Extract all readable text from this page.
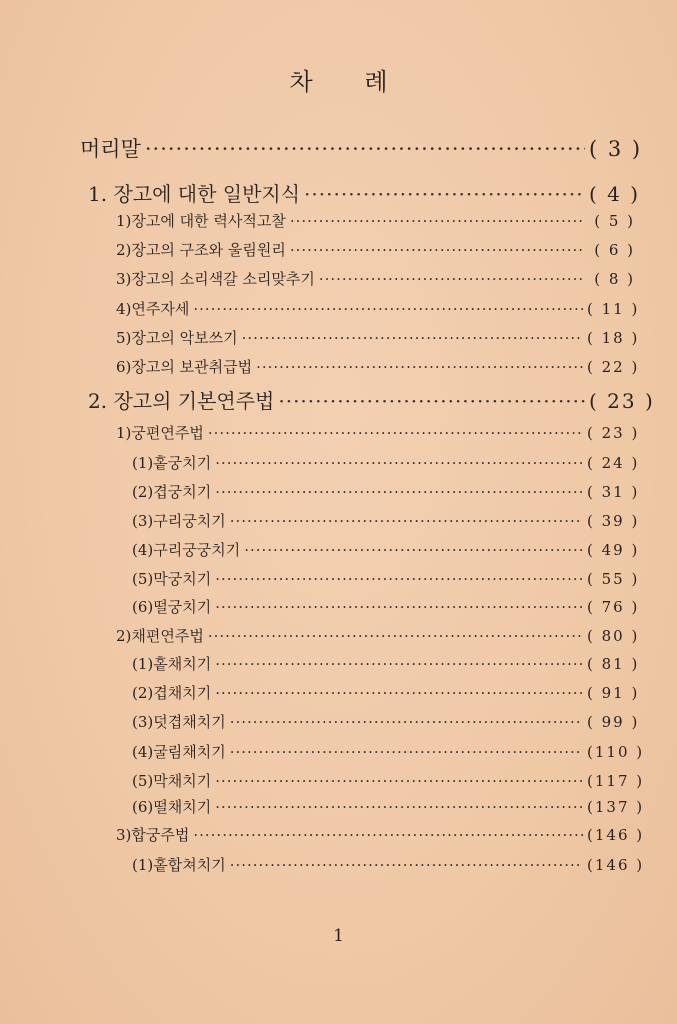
차 례
머리말 ·····	( 3 )
1. 장고에 대한 일반지식 ·····	( 4 )
1)장고에 대한 력사적고찰 ·····	( 5 )
2)장고의 구조와 울림원리 ·····	( 6 )
3)장고의 소리색갈 소리맞추기 ·····	( 8 )
4)연주자세 ·····	( 11 )
5)장고의 악보쓰기 ·····	( 18 )
6)장고의 보관취급법 ·····	( 22 )
2. 장고의 기본연주법 ·····	( 23 )
1)궁편연주법 ·····	( 23 )
(1)홑궁치기 ·····	( 24 )
(2)겹궁치기 ·····	( 31 )
(3)구리궁치기 ·····	( 39 )
(4)구리궁궁치기 ·····	( 49 )
(5)막궁치기 ·····	( 55 )
(6)떨궁치기 ·····	( 76 )
2)채편연주법 ·····	( 80 )
(1)홑채치기 ·····	( 81 )
(2)겹채치기 ·····	( 91 )
(3)덧겹채치기 ·····	( 99 )
(4)굴림채치기 ·····	(110 )
(5)막채치기 ·····	(117 )
(6)떨채치기 ·····	(137 )
3)합궁주법 ·····	(146 )
(1)홑합쳐치기 ·····	(146 )
1
